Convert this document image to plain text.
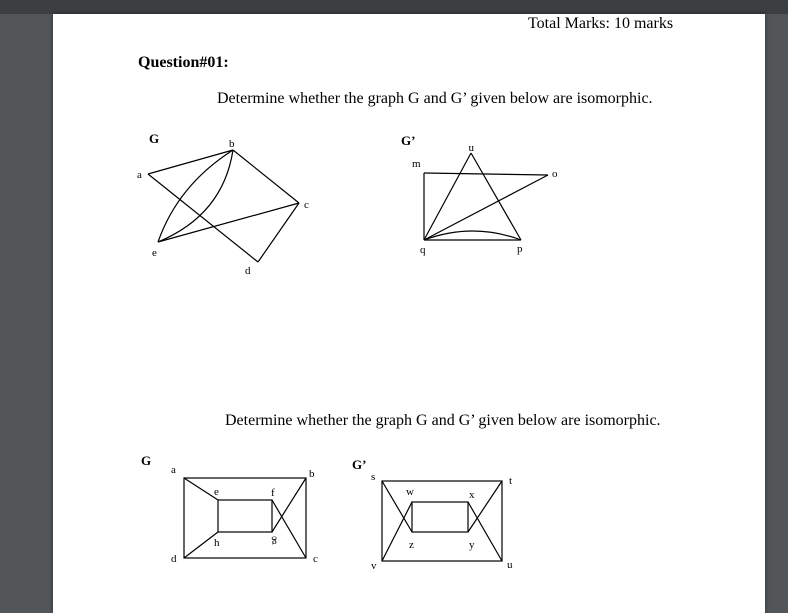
Total Marks: 10 marks
Question#01:
Determine whether the graph G and G’ given below are isomorphic.
G
a
b
c
d
e
G’
m
n
o
p
q
Determine whether the graph G and G’ given below are isomorphic.
G
a	b
c
d
e	f
g
h
G’
s	t
u
v
w	x
y
z
